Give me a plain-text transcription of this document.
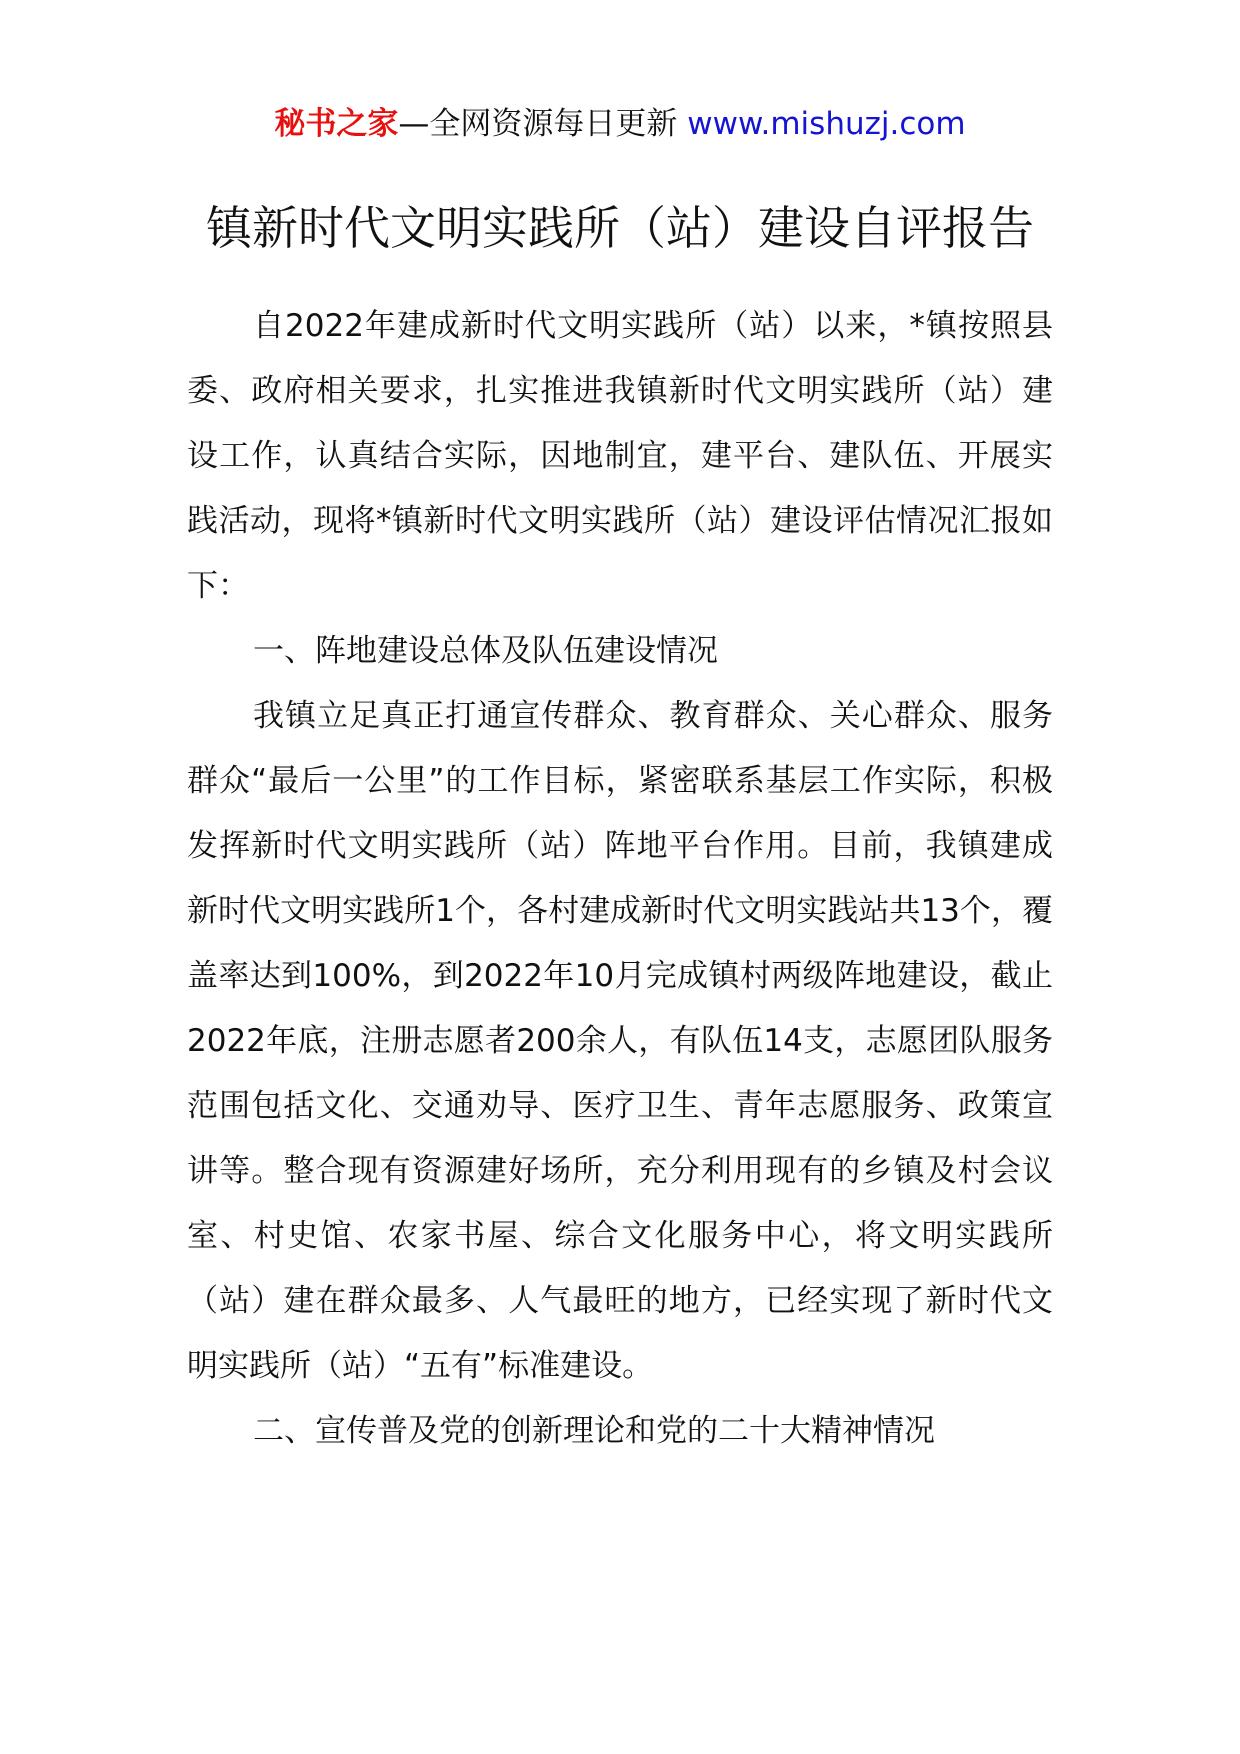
秘书之家—全网资源每日更新 www.mishuzj.com
镇新时代文明实践所（站）建设自评报告

自2022年建成新时代文明实践所（站）以来，*镇按照县委、政府相关要求，扎实推进我镇新时代文明实践所（站）建设工作，认真结合实际，因地制宜，建平台、建队伍、开展实践活动，现将*镇新时代文明实践所（站）建设评估情况汇报如下：

一、阵地建设总体及队伍建设情况

我镇立足真正打通宣传群众、教育群众、关心群众、服务群众“最后一公里”的工作目标，紧密联系基层工作实际，积极发挥新时代文明实践所（站）阵地平台作用。目前，我镇建成新时代文明实践所1个，各村建成新时代文明实践站共13个，覆盖率达到100%，到2022年10月完成镇村两级阵地建设，截止2022年底，注册志愿者200余人，有队伍14支，志愿团队服务范围包括文化、交通劝导、医疗卫生、青年志愿服务、政策宣讲等。整合现有资源建好场所，充分利用现有的乡镇及村会议室、村史馆、农家书屋、综合文化服务中心，将文明实践所（站）建在群众最多、人气最旺的地方，已经实现了新时代文明实践所（站）“五有”标准建设。

二、宣传普及党的创新理论和党的二十大精神情况
